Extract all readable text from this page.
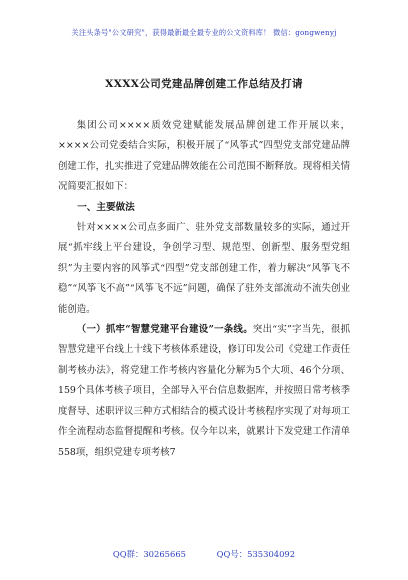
关注头条号"公文研究"，获得最新最全最专业的公文资料库！ 微信：gongwenyj
XXXX公司党建品牌创建工作总结及打请

集团公司××××质效党建赋能发展品牌创建工作开展以来，××××公司党委结合实际，积极开展了“风筝式”四型党支部党建品牌创建工作，扎实推进了党建品牌效能在公司范围不断释放。现将相关情况简要汇报如下：

一、主要做法

针对××××公司点多面广、驻外党支部数量较多的实际，通过开展“抓牢线上平台建设，争创学习型、规范型、创新型、服务型党组织”为主要内容的风筝式“四型”党支部创建工作，着力解决“风筝飞不稳”“风筝飞不高”“风筝飞不远”问题，确保了驻外支部流动不流失创业能创造。

（一）抓牢“智慧党建平台建设”一条线。突出“实”字当先，很抓智慧党建平台线上十线下考核体系建设，修订印发公司《党建工作责任制考核办法》，将党建工作考核内容量化分解为5个大项、46个分项、159个具体考核子项目，全部导入平台信息数据库，并按照日常考核季度督导、述职评议三种方式相结合的模式设计考核程序实现了对每项工作全流程动态监督提醒和考核。仅今年以来，就累计下发党建工作清单558项，组织党建专项考核7

QQ群：30265665	QQ号：535304092
